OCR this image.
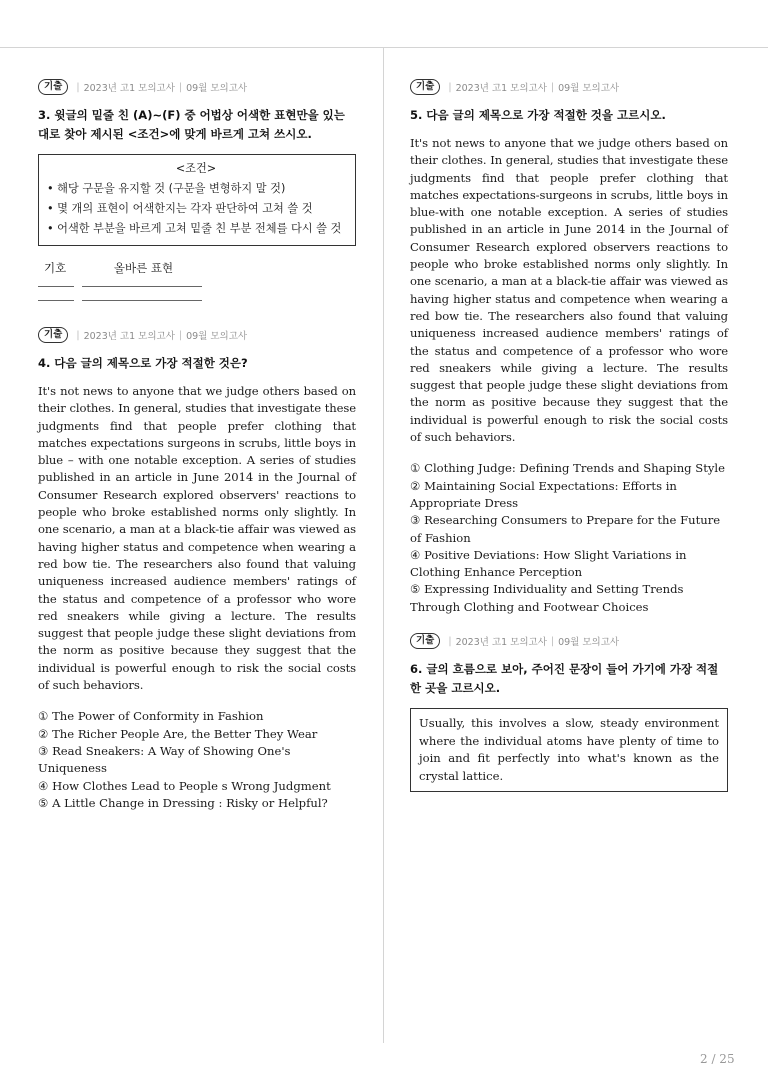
기출	| 2023년 고1 모의고사 | 09월 모의고사

3. 윗글의 밑줄 친 (A)~(F) 중 어법상 어색한 표현만을 있는 대로 찾아 제시된 <조건>에 맞게 바르게 고쳐 쓰시오.

<조건>

• 해당 구문을 유지할 것 (구문을 변형하지 말 것)

• 몇 개의 표현이 어색한지는 각자 판단하여 고쳐 쓸 것

• 어색한 부분을 바르게 고쳐 밑줄 친 부분 전체를 다시 쓸 것

기호	올바른 표현
기출	| 2023년 고1 모의고사 | 09월 모의고사

4. 다음 글의 제목으로 가장 적절한 것은?

It's not news to anyone that we judge others based on their clothes. In general, studies that investigate these judgments find that people prefer clothing that matches expectations surgeons in scrubs, little boys in blue – with one notable exception. A series of studies published in an article in June 2014 in the Journal of Consumer Research explored observers' reactions to people who broke established norms only slightly. In one scenario, a man at a black-tie affair was viewed as having higher status and competence when wearing a red bow tie. The researchers also found that valuing uniqueness increased audience members' ratings of the status and competence of a professor who wore red sneakers while giving a lecture. The results suggest that people judge these slight deviations from the norm as positive because they suggest that the individual is powerful enough to risk the social costs of such behaviors.

① The Power of Conformity in Fashion

② The Richer People Are, the Better They Wear

③ Read Sneakers: A Way of Showing One's Uniqueness

④ How Clothes Lead to People s Wrong Judgment

⑤ A Little Change in Dressing : Risky or Helpful?

기출	| 2023년 고1 모의고사 | 09월 모의고사

5. 다음 글의 제목으로 가장 적절한 것을 고르시오.

It's not news to anyone that we judge others based on their clothes. In general, studies that investigate these judgments find that people prefer clothing that matches expectations-surgeons in scrubs, little boys in blue-with one notable exception. A series of studies published in an article in June 2014 in the Journal of Consumer Research explored observers reactions to people who broke established norms only slightly. In one scenario, a man at a black-tie affair was viewed as having higher status and competence when wearing a red bow tie. The researchers also found that valuing uniqueness increased audience members' ratings of the status and competence of a professor who wore red sneakers while giving a lecture. The results suggest that people judge these slight deviations from the norm as positive because they suggest that the individual is powerful enough to risk the social costs of such behaviors.

① Clothing Judge: Defining Trends and Shaping Style

② Maintaining Social Expectations: Efforts in Appropriate Dress

③ Researching Consumers to Prepare for the Future of Fashion

④ Positive Deviations: How Slight Variations in Clothing Enhance Perception

⑤ Expressing Individuality and Setting Trends Through Clothing and Footwear Choices

기출	| 2023년 고1 모의고사 | 09월 모의고사

6. 글의 흐름으로 보아, 주어진 문장이 들어 가기에 가장 적절한 곳을 고르시오.

Usually, this involves a slow, steady environment where the individual atoms have plenty of time to join and fit perfectly into what's known as the crystal lattice.
2 / 25
